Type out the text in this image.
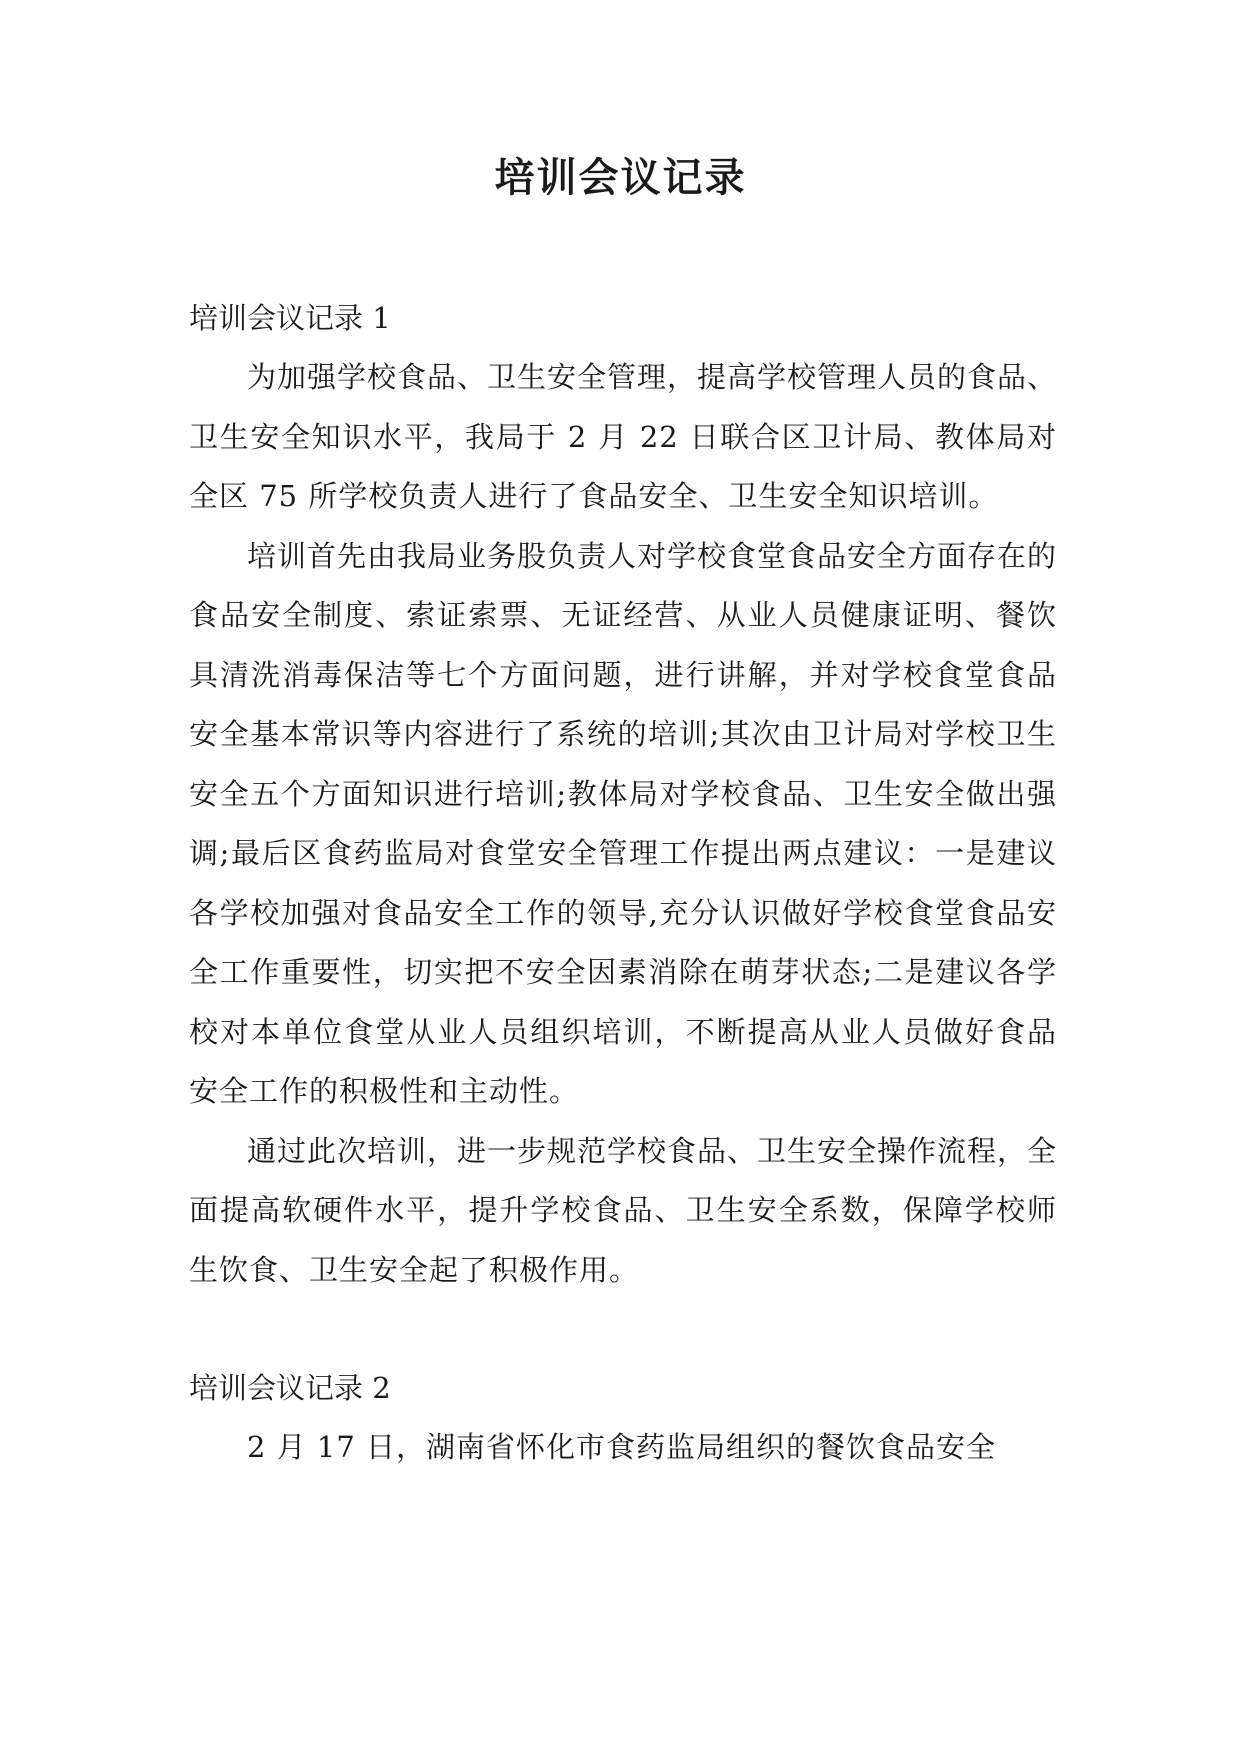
培训会议记录
培训会议记录 1

为加强学校食品、卫生安全管理，提高学校管理人员的食品、卫生安全知识水平，我局于 2 月 22 日联合区卫计局、教体局对全区 75 所学校负责人进行了食品安全、卫生安全知识培训。

培训首先由我局业务股负责人对学校食堂食品安全方面存在的食品安全制度、索证索票、无证经营、从业人员健康证明、餐饮具清洗消毒保洁等七个方面问题，进行讲解，并对学校食堂食品安全基本常识等内容进行了系统的培训;其次由卫计局对学校卫生安全五个方面知识进行培训;教体局对学校食品、卫生安全做出强调;最后区食药监局对食堂安全管理工作提出两点建议：一是建议各学校加强对食品安全工作的领导,充分认识做好学校食堂食品安全工作重要性，切实把不安全因素消除在萌芽状态;二是建议各学校对本单位食堂从业人员组织培训，不断提高从业人员做好食品安全工作的积极性和主动性。

通过此次培训，进一步规范学校食品、卫生安全操作流程，全面提高软硬件水平，提升学校食品、卫生安全系数，保障学校师生饮食、卫生安全起了积极作用。

培训会议记录 2

2 月 17 日，湖南省怀化市食药监局组织的餐饮食品安全
